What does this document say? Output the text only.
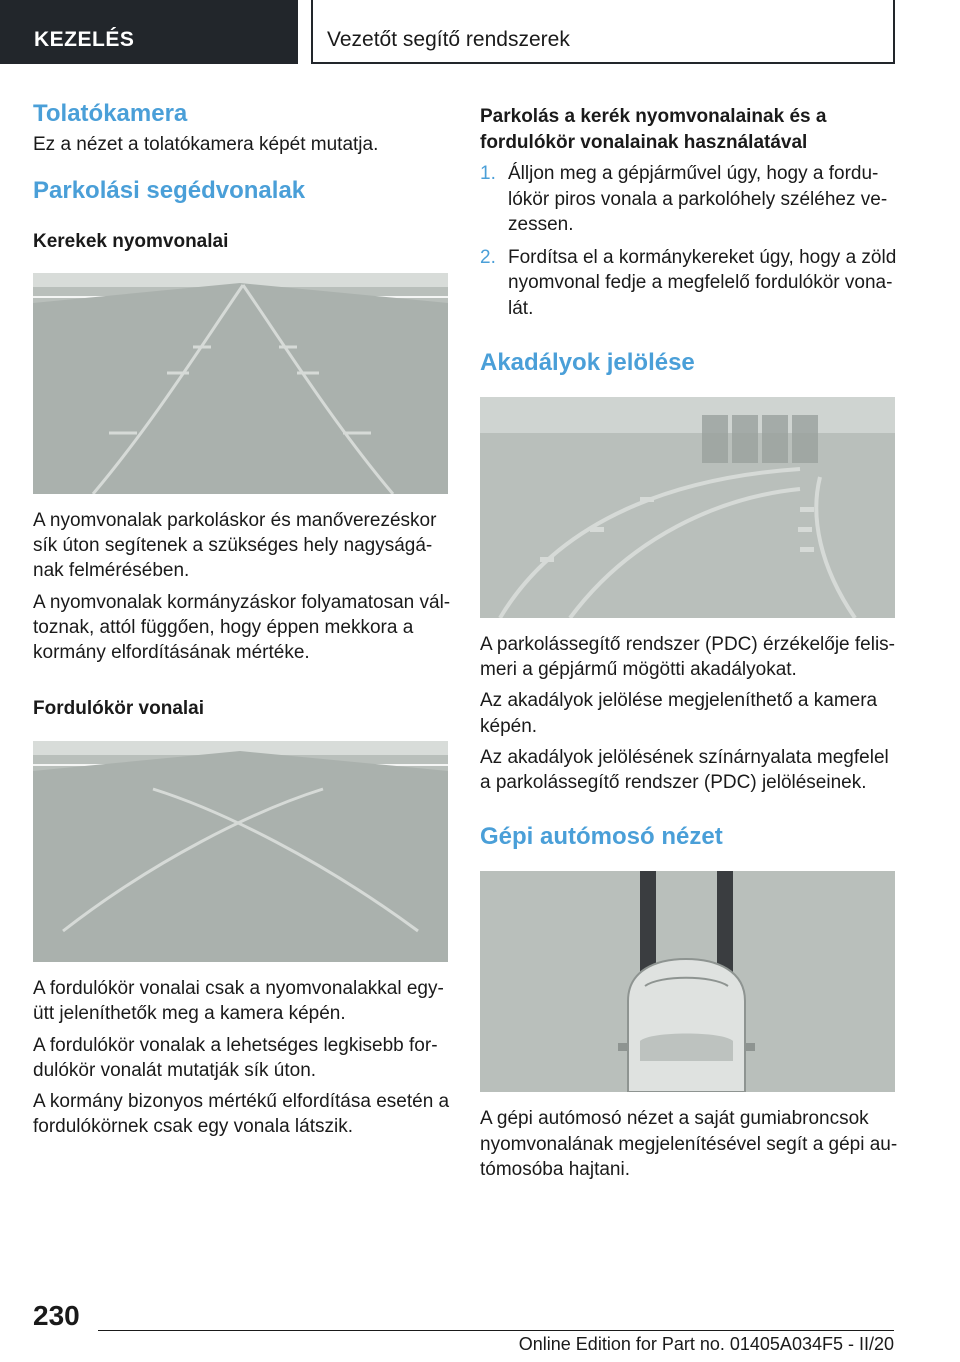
KEZELÉS	Vezetőt segítő rendszerek
Tolatókamera

Ez a nézet a tolatókamera képét mutatja.

Parkolási segédvonalak
Kerekek nyomvonalai

A nyomvonalak parkoláskor és manőverezéskor sík úton segítenek a szükséges hely nagyságá-nak felmérésében.

A nyomvonalak kormányzáskor folyamatosan vál-toznak, attól függően, hogy éppen mekkora a kormány elfordításának mértéke.

Fordulókör vonalai

A fordulókör vonalai csak a nyomvonalakkal egy-ütt jeleníthetők meg a kamera képén.

A fordulókör vonalak a lehetséges legkisebb for-dulókör vonalát mutatják sík úton.

A kormány bizonyos mértékű elfordítása esetén a fordulókörnek csak egy vonala látszik.

Parkolás a kerék nyomvonalainak és a fordulókör vonalainak használatával
1. Álljon meg a gépjárművel úgy, hogy a fordu-lókör piros vonala a parkolóhely széléhez ve-zessen.
2. Fordítsa el a kormánykereket úgy, hogy a zöld nyomvonal fedje a megfelelő fordulókör vona-lát.
Akadályok jelölése

A parkolássegítő rendszer (PDC) érzékelője felis-meri a gépjármű mögötti akadályokat.

Az akadályok jelölése megjeleníthető a kamera képén.

Az akadályok jelölésének színárnyalata megfelel a parkolássegítő rendszer (PDC) jelöléseinek.

Gépi autómosó nézet

A gépi autómosó nézet a saját gumiabroncsok nyomvonalának megjelenítésével segít a gépi au-tómosóba hajtani.

230
Online Edition for Part no. 01405A034F5 - II/20
